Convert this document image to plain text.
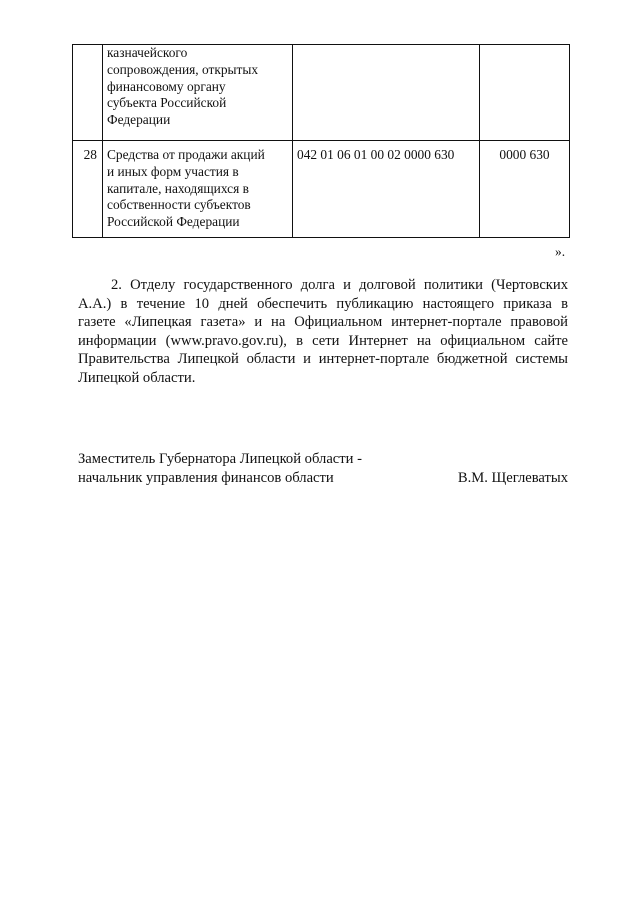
	казначейского
сопровождения, открытых
финансовому органу
субъекта Российской
Федерации		

28	Средства от продажи акций
и иных форм участия в
капитале, находящихся в
собственности субъектов
Российской Федерации	042 01 06 01 00 02 0000 630	0000 630
».
2. Отделу государственного долга и долговой политики (Чертовских
А.А.) в течение 10 дней обеспечить публикацию настоящего приказа в
газете «Липецкая газета» и на Официальном интернет-портале правовой
информации (www.pravo.gov.ru), в сети Интернет на официальном сайте
Правительства Липецкой области и интернет-портале бюджетной системы
Липецкой области.
Заместитель Губернатора Липецкой области -
начальник управления финансов области	В.М. Щеглеватых
